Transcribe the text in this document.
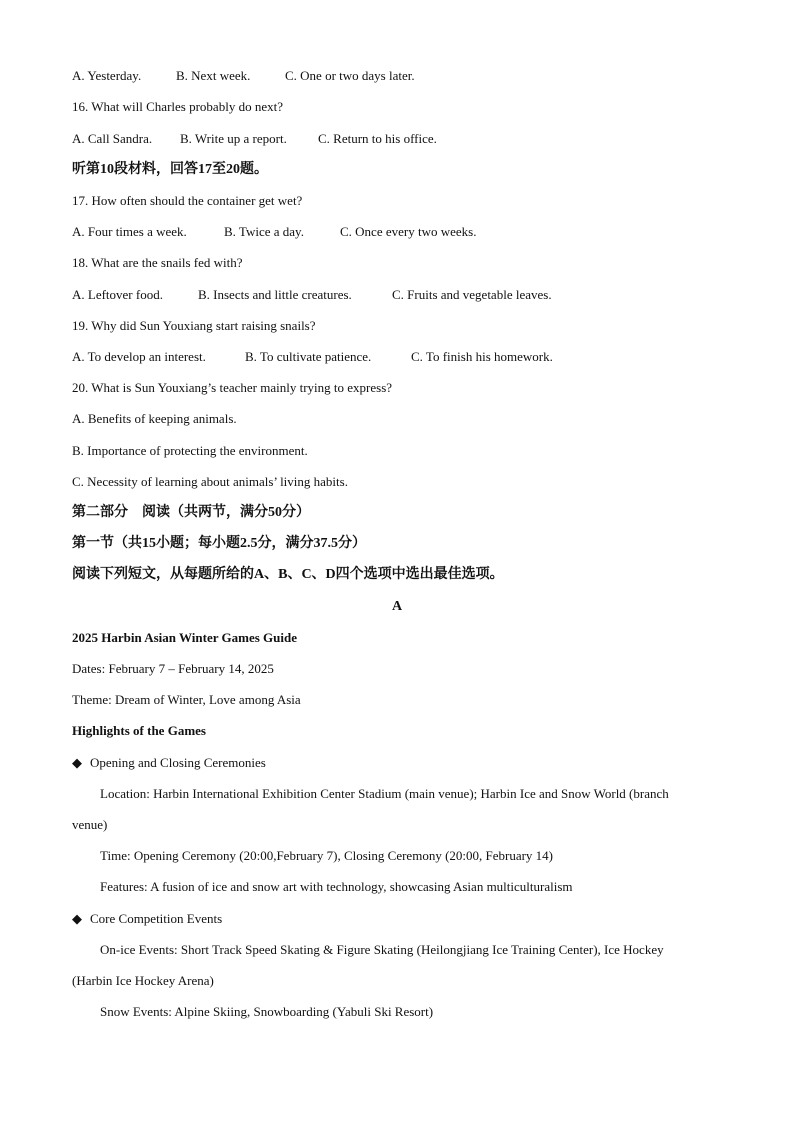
A. Yesterday.	B. Next week.	C. One or two days later.
16. What will Charles probably do next?
A. Call Sandra. B. Write up a report. C. Return to his office.
听第10段材料，回答17至20题。
17. How often should the container get wet?
A. Four times a week.	B. Twice a day.	C. Once every two weeks.
18. What are the snails fed with?
A. Leftover food.	B. Insects and little creatures.	C. Fruits and vegetable leaves.
19. Why did Sun Youxiang start raising snails?
A. To develop an interest.	B. To cultivate patience.	C. To finish his homework.
20. What is Sun Youxiang’s teacher mainly trying to express?
A. Benefits of keeping animals.
B. Importance of protecting the environment.
C. Necessity of learning about animals’ living habits.
第二部分　阅读（共两节，满分50分）
第一节（共15小题；每小题2.5分，满分37.5分）
阅读下列短文，从每题所给的A、B、C、D四个选项中选出最佳选项。
A
2025 Harbin Asian Winter Games Guide
Dates: February 7 – February 14, 2025
Theme: Dream of Winter, Love among Asia
Highlights of the Games
◆ Opening and Closing Ceremonies
Location: Harbin International Exhibition Center Stadium (main venue); Harbin Ice and Snow World (branch
venue)
Time: Opening Ceremony (20:00,February 7), Closing Ceremony (20:00, February 14)
Features: A fusion of ice and snow art with technology, showcasing Asian multiculturalism
◆ Core Competition Events
On-ice Events: Short Track Speed Skating & Figure Skating (Heilongjiang Ice Training Center), Ice Hockey
(Harbin Ice Hockey Arena)
Snow Events: Alpine Skiing, Snowboarding (Yabuli Ski Resort)
